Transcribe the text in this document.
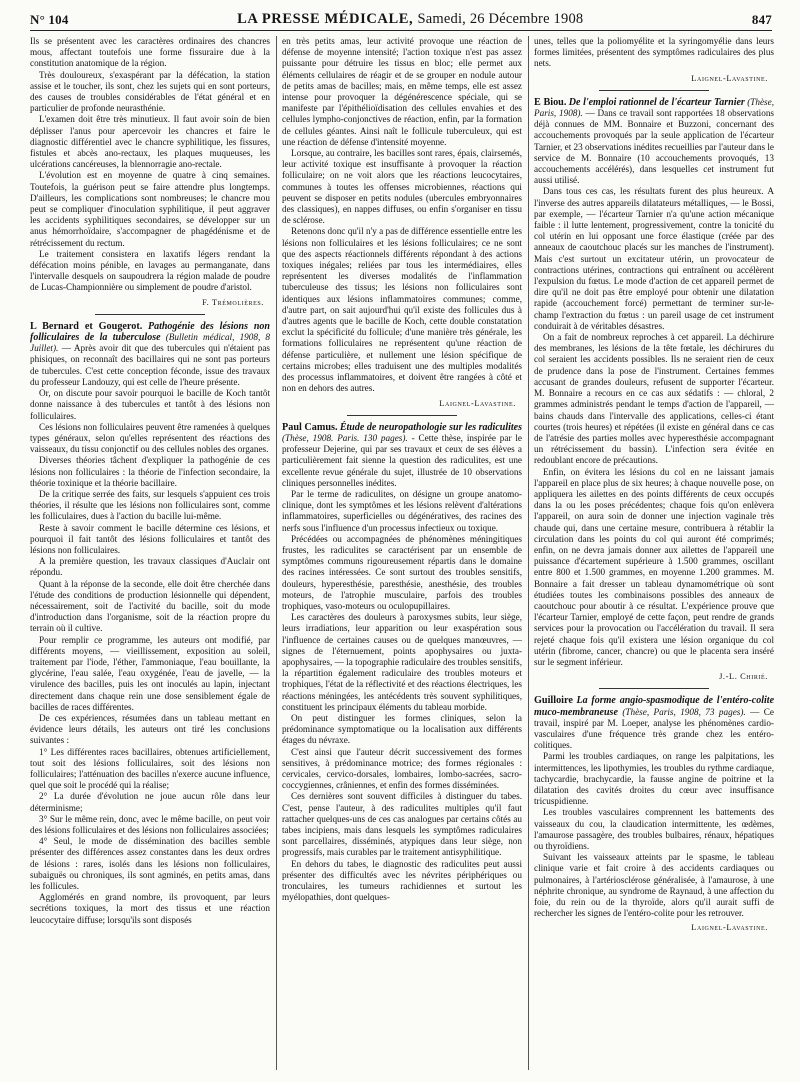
N° 104	LA PRESSE MÉDICALE, Samedi, 26 Décembre 1908	847

Ils se présentent avec les caractères ordinaires des chancres mous, affectant toutefois une forme fissuraire due à la constitution anatomique de la région.

Très douloureux, s'exaspérant par la défécation, la station assise et le toucher, ils sont, chez les sujets qui en sont porteurs, des causes de troubles considérables de l'état général et en particulier de profonde neurasthénie.

L'examen doit être très minutieux. Il faut avoir soin de bien déplisser l'anus pour apercevoir les chancres et faire le diagnostic différentiel avec le chancre syphilitique, les fissures, fistules et abcès ano-rectaux, les plaques muqueuses, les ulcérations cancéreuses, la blennorragie ano-rectale.

L'évolution est en moyenne de quatre à cinq semaines. Toutefois, la guérison peut se faire attendre plus longtemps. D'ailleurs, les complications sont nombreuses; le chancre mou peut se compliquer d'inoculation syphilitique, il peut aggraver les accidents syphilitiques secondaires, se développer sur un anus hémorrhoïdaire, s'accompagner de phagédénisme et de rétrécissement du rectum.

Le traitement consistera en laxatifs légers rendant la défécation moins pénible, en lavages au permanganate, dans l'intervalle desquels on saupoudrera la région malade de poudre de Lucas-Championnière ou simplement de poudre d'aristol.

F. Trémolières.

L Bernard et Gougerot. Pathogénie des lésions non folliculaires de la tuberculose (Bulletin médical, 1908, 8 Juillet). — Après avoir dit que des tubercules qui n'étaient pas phisiques, on reconnaît des bacillaires qui ne sont pas porteurs de tubercules. C'est cette conception féconde, issue des travaux du professeur Landouzy, qui est celle de l'heure présente.

Or, on discute pour savoir pourquoi le bacille de Koch tantôt donne naissance à des tubercules et tantôt à des lésions non folliculaires.

Ces lésions non folliculaires peuvent être ramenées à quelques types généraux, selon qu'elles représentent des réactions des vaisseaux, du tissu conjonctif ou des cellules nobles des organes.

Diverses théories tâchent d'expliquer la pathogénie de ces lésions non folliculaires : la théorie de l'infection secondaire, la théorie toxinique et la théorie bacillaire.

De la critique serrée des faits, sur lesquels s'appuient ces trois théories, il résulte que les lésions non folliculaires sont, comme les folliculaires, dues à l'action du bacille lui-même.

Reste à savoir comment le bacille détermine ces lésions, et pourquoi il fait tantôt des lésions folliculaires et tantôt des lésions non folliculaires.

A la première question, les travaux classiques d'Auclair ont répondu.

Quant à la réponse de la seconde, elle doit être cherchée dans l'étude des conditions de production lésionnelle qui dépendent, nécessairement, soit de l'activité du bacille, soit du mode d'introduction dans l'organisme, soit de la réaction propre du terrain où il cultive.

Pour remplir ce programme, les auteurs ont modifié, par différents moyens, — vieillissement, exposition au soleil, traitement par l'iode, l'éther, l'ammoniaque, l'eau bouillante, la glycérine, l'eau salée, l'eau oxygénée, l'eau de javelle, — la virulence des bacilles, puis les ont inoculés au lapin, injectant directement dans chaque rein une dose sensiblement égale de bacilles de races différentes.

De ces expériences, résumées dans un tableau mettant en évidence leurs détails, les auteurs ont tiré les conclusions suivantes :

1° Les différentes races bacillaires, obtenues artificiellement, tout soit des lésions folliculaires, soit des lésions non folliculaires; l'atténuation des bacilles n'exerce aucune influence, quel que soit le procédé qui la réalise;

2° La durée d'évolution ne joue aucun rôle dans leur déterminisme;

3° Sur le même rein, donc, avec le même bacille, on peut voir des lésions folliculaires et des lésions non folliculaires associées;

4° Seul, le mode de dissémination des bacilles semble présenter des différences assez constantes dans les deux ordres de lésions : rares, isolés dans les lésions non folliculaires, subaiguës ou chroniques, ils sont agminés, en petits amas, dans les follicules.

Agglomérés en grand nombre, ils provoquent, par leurs secrétions toxiques, la mort des tissus et une réaction leucocytaire diffuse; lorsqu'ils sont disposés

en très petits amas, leur activité provoque une réaction de défense de moyenne intensité; l'action toxique n'est pas assez puissante pour détruire les tissus en bloc; elle permet aux éléments cellulaires de réagir et de se grouper en nodule autour de petits amas de bacilles; mais, en même temps, elle est assez intense pour provoquer la dégénérescence spéciale, qui se manifeste par l'épithélioïdisation des cellules envahies et des cellules lympho-conjonctives de réaction, enfin, par la formation de cellules géantes. Ainsi naît le follicule tuberculeux, qui est une réaction de défense d'intensité moyenne.

Lorsque, au contraire, les bacilles sont rares, épais, clairsemés, leur activité toxique est insuffisante à provoquer la réaction folliculaire; on ne voit alors que les réactions leucocytaires, communes à toutes les offenses microbiennes, réactions qui peuvent se disposer en petits nodules (ubercules embryonnaires des classiques), en nappes diffuses, ou enfin s'organiser en tissu de sclérose.

Retenons donc qu'il n'y a pas de différence essentielle entre les lésions non folliculaires et les lésions folliculaires; ce ne sont que des aspects réactionnels différents répondant à des actions toxiques inégales; reliées par tous les intermédiaires, elles représentent les diverses modalités de l'inflammation tuberculeuse des tissus; les lésions non folliculaires sont identiques aux lésions inflammatoires communes; comme, d'autre part, on sait aujourd'hui qu'il existe des follicules dus à d'autres agents que le bacille de Koch, cette double constatation exclut la spécificité du follicule; d'une manière très générale, les formations folliculaires ne représentent qu'une réaction de défense particulière, et nullement une lésion spécifique de certains microbes; elles traduisent une des multiples modalités des processus inflammatoires, et doivent être rangées à côté et non en dehors des autres.

Laignel-Lavastine.

Paul Camus. Étude de neuropathologie sur les radiculites (Thèse, 1908. Paris. 130 pages). - Cette thèse, inspirée par le professeur Dejerine, qui par ses travaux et ceux de ses élèves a particulièrement fait sienne la question des radiculites, est une excellente revue générale du sujet, illustrée de 10 observations cliniques personnelles inédites.

Par le terme de radiculites, on désigne un groupe anatomo-clinique, dont les symptômes et les lésions relèvent d'altérations inflammatoires, superficielles ou dégénératives, des racines des nerfs sous l'influence d'un processus infectieux ou toxique.

Précédées ou accompagnées de phénomènes méningitiques frustes, les radiculites se caractérisent par un ensemble de symptômes communs rigoureusement répartis dans le domaine des racines intéressées. Ce sont surtout des troubles sensitifs, douleurs, hyperesthésie, paresthésie, anesthésie, des troubles moteurs, de l'atrophie musculaire, parfois des troubles trophiques, vaso-moteurs ou oculopupillaires.

Les caractères des douleurs à paroxysmes subits, leur siège, leurs irradiations, leur apparition ou leur exaspération sous l'influence de certaines causes ou de quelques manœuvres, — signes de l'éternuement, points apophysaires ou juxta-apophysaires, — la topographie radiculaire des troubles sensitifs, la répartition également radiculaire des troubles moteurs et trophiques, l'état de la réflectivité et des réactions électriques, les réactions méningées, les antécédents très souvent syphilitiques, constituent les principaux éléments du tableau morbide.

On peut distinguer les formes cliniques, selon la prédominance symptomatique ou la localisation aux différents étages du névraxe.

C'est ainsi que l'auteur décrit successivement des formes sensitives, à prédominance motrice; des formes régionales : cervicales, cervico-dorsales, lombaires, lombo-sacrées, sacro-coccygiennes, crâniennes, et enfin des formes disséminées.

Ces dernières sont souvent difficiles à distinguer du tabes. C'est, pense l'auteur, à des radiculites multiples qu'il faut rattacher quelques-uns de ces cas analogues par certains côtés au tabes incipiens, mais dans lesquels les symptômes radiculaires sont parcellaires, disséminés, atypiques dans leur siège, non progressifs, mais curables par le traitement antisyphilitique.

En dehors du tabes, le diagnostic des radiculites peut aussi présenter des difficultés avec les névrites périphériques ou tronculaires, les tumeurs rachidiennes et surtout les myélopathies, dont quelques-

unes, telles que la poliomyélite et la syringomyélie dans leurs formes limitées, présentent des symptômes radiculaires des plus nets.

Laignel-Lavastine.

E Biou. De l'emploi rationnel de l'écarteur Tarnier (Thèse, Paris, 1908). — Dans ce travail sont rapportées 18 observations déjà connues de MM. Bonnaire et Buzzoni, concernant des accouchements provoqués par la seule application de l'écarteur Tarnier, et 23 observations inédites recueillies par l'auteur dans le service de M. Bonnaire (10 accouchements provoqués, 13 accouchements accélérés), dans lesquelles cet instrument fut aussi utilisé.

Dans tous ces cas, les résultats furent des plus heureux. A l'inverse des autres appareils dilatateurs métalliques, — le Bossi, par exemple, — l'écarteur Tarnier n'a qu'une action mécanique faible : il lutte lentement, progressivement, contre la tonicité du col utérin en lui opposant une force élastique (créée par des anneaux de caoutchouc placés sur les manches de l'instrument). Mais c'est surtout un excitateur utérin, un provocateur de contractions utérines, contractions qui entraînent ou accélèrent l'expulsion du fœtus. Le mode d'action de cet appareil permet de dire qu'il ne doit pas être employé pour obtenir une dilatation rapide (accouchement forcé) permettant de terminer sur-le-champ l'extraction du fœtus : un pareil usage de cet instrument conduirait à de véritables désastres.

On a fait de nombreux reproches à cet appareil. La déchirure des membranes, les lésions de la tête fœtale, les déchirures du col seraient les accidents possibles. Ils ne seraient rien de ceux de prudence dans la pose de l'instrument. Certaines femmes accusant de grandes douleurs, refusent de supporter l'écarteur. M. Bonnaire a recours en ce cas aux sédatifs : — chloral, 2 grammes administrés pendant le temps d'action de l'appareil, — bains chauds dans l'intervalle des applications, celles-ci étant courtes (trois heures) et répétées (il existe en général dans ce cas de l'atrésie des parties molles avec hyperesthésie accompagnant un rétrécissement du bassin). L'infection sera évitée en redoublant encore de précautions.

Enfin, on évitera les lésions du col en ne laissant jamais l'appareil en place plus de six heures; à chaque nouvelle pose, on appliquera les ailettes en des points différents de ceux occupés dans la ou les poses précédentes; chaque fois qu'on enlèvera l'appareil, on aura soin de donner une injection vaginale très chaude qui, dans une certaine mesure, contribuera à rétablir la circulation dans les points du col qui auront été comprimés; enfin, on ne devra jamais donner aux ailettes de l'appareil une puissance d'écartement supérieure à 1.500 grammes, oscillant entre 800 et 1.500 grammes, en moyenne 1.200 grammes. M. Bonnaire a fait dresser un tableau dynamométrique où sont étudiées toutes les combinaisons possibles des anneaux de caoutchouc pour aboutir à ce résultat. L'expérience prouve que l'écarteur Tarnier, employé de cette façon, peut rendre de grands services pour la provocation ou l'accélération du travail. Il sera rejeté chaque fois qu'il existera une lésion organique du col utérin (fibrome, cancer, chancre) ou que le placenta sera inséré sur le segment inférieur.

J.-L. Chirié.

Guilloire La forme angio-spasmodique de l'entéro-colite muco-membraneuse (Thèse, Paris, 1908, 73 pages). — Ce travail, inspiré par M. Loeper, analyse les phénomènes cardio-vasculaires d'une fréquence très grande chez les entéro-colitiques.

Parmi les troubles cardiaques, on range les palpitations, les intermittences, les lipothymies, les troubles du rythme cardiaque, tachycardie, brachycardie, la fausse angine de poitrine et la dilatation des cavités droites du cœur avec insuffisance tricuspidienne.

Les troubles vasculaires comprennent les battements des vaisseaux du cou, la claudication intermittente, les œdèmes, l'amaurose passagère, des troubles bulbaires, rénaux, hépatiques ou thyroïdiens.

Suivant les vaisseaux atteints par le spasme, le tableau clinique varie et fait croire à des accidents cardiaques ou pulmonaires, à l'artériosclérose généralisée, à l'amaurose, à une néphrite chronique, au syndrome de Raynaud, à une affection du foie, du rein ou de la thyroïde, alors qu'il aurait suffi de rechercher les signes de l'entéro-colite pour les retrouver.

Laignel-Lavastine.
